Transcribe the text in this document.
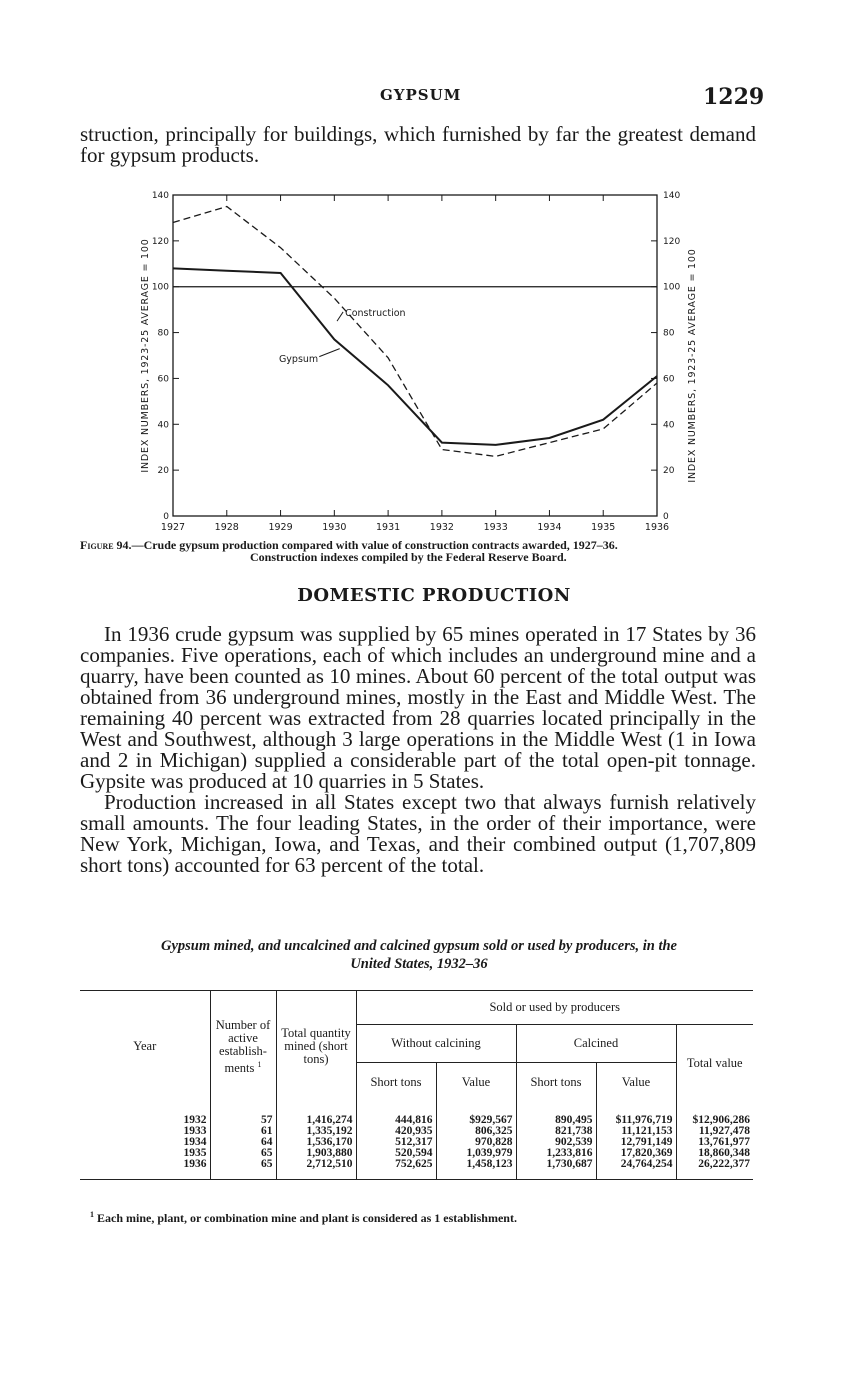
GYPSUM	1229

struction, principally for buildings, which furnished by far the greatest demand for gypsum products.

0	0
20	20
40	40
60	60
80	80
100	100
120	120
140	140
1927	1928	1929	1930	1931	1932	1933	1934	1935	1936
Construction
Gypsum
INDEX NUMBERS, 1923-25 AVERAGE = 100	INDEX NUMBERS, 1923-25 AVERAGE = 100
Figure 94.—Crude gypsum production compared with value of construction contracts awarded, 1927–36.
Construction indexes compiled by the Federal Reserve Board.
DOMESTIC PRODUCTION

In 1936 crude gypsum was supplied by 65 mines operated in 17 States by 36 companies. Five operations, each of which includes an underground mine and a quarry, have been counted as 10 mines. About 60 percent of the total output was obtained from 36 underground mines, mostly in the East and Middle West. The remaining 40 percent was extracted from 28 quarries located principally in the West and Southwest, although 3 large operations in the Middle West (1 in Iowa and 2 in Michigan) supplied a considerable part of the total open-pit tonnage. Gypsite was produced at 10 quarries in 5 States.

Production increased in all States except two that always furnish relatively small amounts. The four leading States, in the order of their importance, were New York, Michigan, Iowa, and Texas, and their combined output (1,707,809 short tons) accounted for 63 percent of the total.

Gypsum mined, and uncalcined and calcined gypsum sold or used by producers, in the
United States, 1932–36
Year	Number of active establish- ments $^1$	Total quantity mined (short tons)	Sold or used by producers				
			Without calcining		Calcined		Total value
			Short tons	Value	Short tons	Value	

1932	57	1,416,274	444,816	$929,567	890,495	$11,976,719	$12,906,286
1933	61	1,335,192	420,935	806,325	821,738	11,121,153	11,927,478
1934	64	1,536,170	512,317	970,828	902,539	12,791,149	13,761,977
1935	65	1,903,880	520,594	1,039,979	1,233,816	17,820,369	18,860,348
1936	65	2,712,510	752,625	1,458,123	1,730,687	24,764,254	26,222,377

$^1$ Each mine, plant, or combination mine and plant is considered as 1 establishment.
